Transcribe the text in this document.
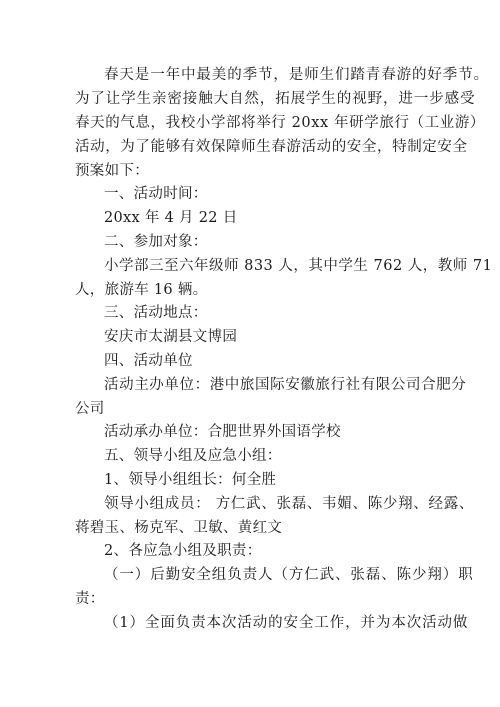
春天是一年中最美的季节，是师生们踏青春游的好季节。
为了让学生亲密接触大自然，拓展学生的视野，进一步感受
春天的气息，我校小学部将举行 20xx 年研学旅行（工业游）
活动，为了能够有效保障师生春游活动的安全，特制定安全
预案如下：
一、活动时间：
20xx 年 4 月 22 日
二、参加对象：
小学部三至六年级师 833 人，其中学生 762 人，教师 71
人，旅游车 16 辆。
三、活动地点：
安庆市太湖县文博园
四、活动单位
活动主办单位：港中旅国际安徽旅行社有限公司合肥分
公司
活动承办单位：合肥世界外国语学校
五、领导小组及应急小组：
1、领导小组组长：何全胜
领导小组成员： 方仁武、张磊、韦媚、陈少翔、经露、
蒋碧玉、杨克军、卫敏、黄红文
2、各应急小组及职责：
（一）后勤安全组负责人（方仁武、张磊、陈少翔）职
责：
（1）全面负责本次活动的安全工作，并为本次活动做
